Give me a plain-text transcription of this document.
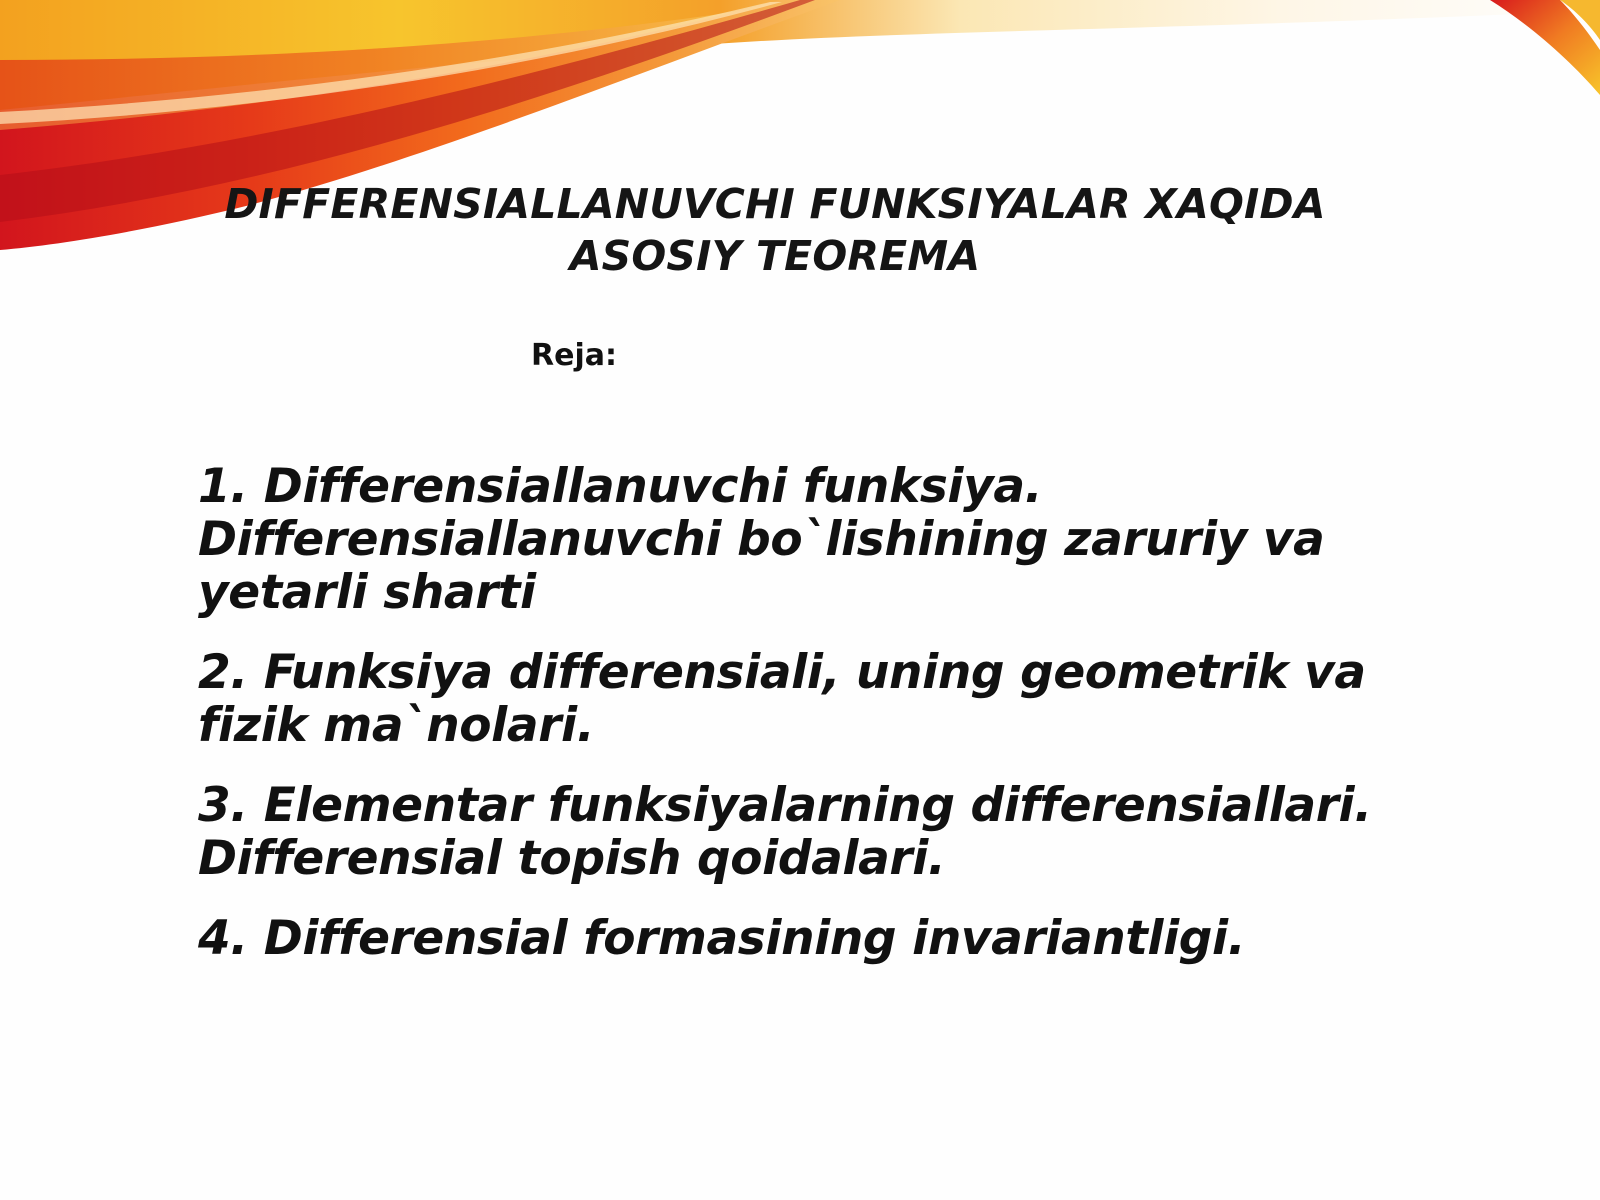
DIFFERENSIALLANUVCHI FUNKSIYALAR XAQIDA ASOSIY TEOREMA
Reja:
1. Differensiallanuvchi funksiya. Differensiallanuvchi bo`lishining zaruriy va yetarli sharti
2. Funksiya differensiali, uning geometrik va fizik ma`nolari.
3. Elementar funksiyalarning differensiallari. Differensial topish qoidalari.
4. Differensial formasining invariantligi.
